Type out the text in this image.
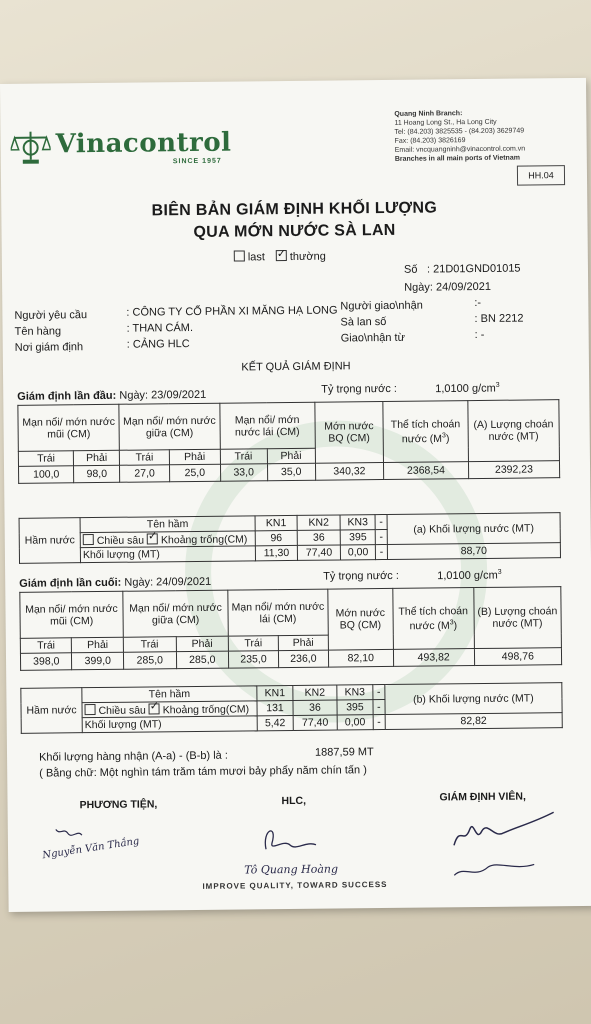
Vinacontrol
SINCE 1957
Quang Ninh Branch:
11 Hoang Long St., Ha Long City
Tel: (84.203) 3825535 - (84.203) 3629749
Fax: (84.203) 3826169
Email: vncquangninh@vinacontrol.com.vn
Branches in all main ports of Vietnam
HH.04
BIÊN BẢN GIÁM ĐỊNH KHỐI LƯỢNG
QUA MỚN NƯỚC SÀ LAN
last ✓	thường
Số : 21D01GND01015
Ngày: 24/09/2021
Người yêu cầu	: CÔNG TY CỔ PHẦN XI MĂNG HẠ LONG
Tên hàng	: THAN CÁM.
Nơi giám định	: CẢNG HLC
Người giao\nhận	:-
Sà lan số	: BN 2212
Giao\nhận từ	: -
KẾT QUẢ GIÁM ĐỊNH
Giám định lần đầu: Ngày: 23/09/2021	Tỷ trọng nước :	1,0100 $g/cm^3$
Mạn nổi/ mớn nước mũi (CM)		Mạn nổi/ mớn nước giữa (CM)		Mạn nổi/ mớn nước lái (CM)		Mớn nước BQ (CM)	Thể tích choán nước $(M^3)$	(A) Lượng choán nước (MT)
Trái	Phải	Trái	Phải	Trái	Phải			
100,0	98,0	27,0	25,0	33,0	35,0	340,32	2368,54	2392,23
Hầm nước	Tên hầm	KN1	KN2	KN3	-	(a) Khối lượng nước (MT)
	Chiều sâu ✓ Khoảng trống(CM)	96	36	395	-	
	Khối lượng (MT)	11,30	77,40	0,00	-	88,70
Giám định lần cuối: Ngày: 24/09/2021	Tỷ trọng nước :	1,0100 $g/cm^3$
Mạn nổi/ mớn nước mũi (CM)		Mạn nổi/ mớn nước giữa (CM)		Mạn nổi/ mớn nước lái (CM)		Mớn nước BQ (CM)	Thể tích choán nước $(M^3)$	(B) Lượng choán nước (MT)
Trái	Phải	Trái	Phải	Trái	Phải			
398,0	399,0	285,0	285,0	235,0	236,0	82,10	493,82	498,76
Hầm nước	Tên hầm	KN1	KN2	KN3	-	(b) Khối lượng nước (MT)
	Chiều sâu ✓ Khoảng trống(CM)	131	36	395	-	
	Khối lượng (MT)	5,42	77,40	0,00	-	82,82
Khối lượng hàng nhận (A-a) - (B-b) là :	1887,59 MT
( Bằng chữ: Một nghìn tám trăm tám mươi bảy phẩy năm chín tấn )
PHƯƠNG TIỆN,	HLC,	GIÁM ĐỊNH VIÊN,
Nguyễn Văn Thắng
Tô Quang Hoàng
IMPROVE QUALITY, TOWARD SUCCESS
